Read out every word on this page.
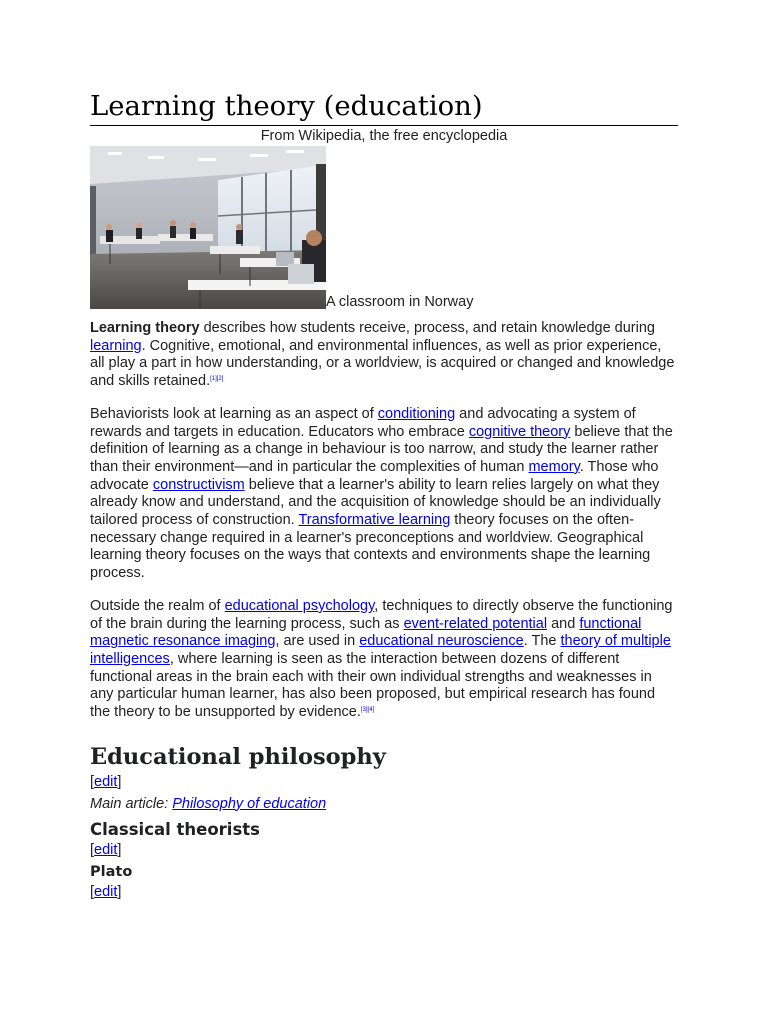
Learning theory (education)
From Wikipedia, the free encyclopedia
A classroom in Norway

Learning theory describes how students receive, process, and retain knowledge during learning. Cognitive, emotional, and environmental influences, as well as prior experience, all play a part in how understanding, or a worldview, is acquired or changed and knowledge and skills retained.[1][2]

Behaviorists look at learning as an aspect of conditioning and advocating a system of rewards and targets in education. Educators who embrace cognitive theory believe that the definition of learning as a change in behaviour is too narrow, and study the learner rather than their environment—and in particular the complexities of human memory. Those who advocate constructivism believe that a learner's ability to learn relies largely on what they already know and understand, and the acquisition of knowledge should be an individually tailored process of construction. Transformative learning theory focuses on the often-necessary change required in a learner's preconceptions and worldview. Geographical learning theory focuses on the ways that contexts and environments shape the learning process.

Outside the realm of educational psychology, techniques to directly observe the functioning of the brain during the learning process, such as event-related potential and functional magnetic resonance imaging, are used in educational neuroscience. The theory of multiple intelligences, where learning is seen as the interaction between dozens of different functional areas in the brain each with their own individual strengths and weaknesses in any particular human learner, has also been proposed, but empirical research has found the theory to be unsupported by evidence.[3][4]

Educational philosophy
[edit]
Main article: Philosophy of education
Classical theorists
[edit]
Plato
[edit]
